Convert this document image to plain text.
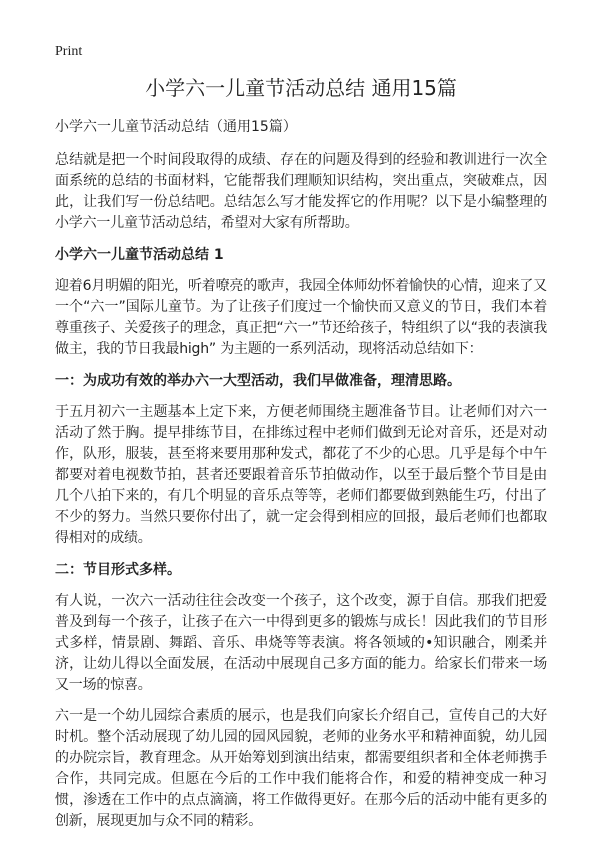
Print
小学六一儿童节活动总结 通用15篇
小学六一儿童节活动总结（通用15篇）

总结就是把一个时间段取得的成绩、存在的问题及得到的经验和教训进行一次全面系统的总结的书面材料，它能帮我们理顺知识结构，突出重点，突破难点，因此，让我们写一份总结吧。总结怎么写才能发挥它的作用呢？以下是小编整理的小学六一儿童节活动总结，希望对大家有所帮助。

小学六一儿童节活动总结 1

迎着6月明媚的阳光，听着嘹亮的歌声，我园全体师幼怀着愉快的心情，迎来了又一个“六一”国际儿童节。为了让孩子们度过一个愉快而又意义的节日，我们本着尊重孩子、关爱孩子的理念，真正把“六一”节还给孩子，特组织了以“我的表演我做主，我的节日我最high” 为主题的一系列活动，现将活动总结如下：

一：为成功有效的举办六一大型活动，我们早做准备，理清思路。

于五月初六一主题基本上定下来，方便老师围绕主题准备节目。让老师们对六一活动了然于胸。提早排练节目，在排练过程中老师们做到无论对音乐，还是对动作，队形，服装，甚至将来要用那种发式，都花了不少的心思。几乎是每个中午都要对着电视数节拍，甚者还要跟着音乐节拍做动作，以至于最后整个节目是由几个八拍下来的，有几个明显的音乐点等等，老师们都要做到熟能生巧，付出了不少的努力。当然只要你付出了，就一定会得到相应的回报，最后老师们也都取得相对的成绩。

二：节目形式多样。

有人说，一次六一活动往往会改变一个孩子，这个改变，源于自信。那我们把爱普及到每一个孩子，让孩子在六一中得到更多的锻炼与成长！因此我们的节目形式多样，情景剧、舞蹈、音乐、串烧等等表演。将各领域的•知识融合，刚柔并济，让幼儿得以全面发展，在活动中展现自己多方面的能力。给家长们带来一场又一场的惊喜。

六一是一个幼儿园综合素质的展示，也是我们向家长介绍自己，宣传自己的大好时机。整个活动展现了幼儿园的园风园貌，老师的业务水平和精神面貌，幼儿园的办院宗旨，教育理念。从开始筹划到演出结束，都需要组织者和全体老师携手合作，共同完成。但愿在今后的工作中我们能将合作，和爱的精神变成一种习惯，渗透在工作中的点点滴滴，将工作做得更好。在那今后的活动中能有更多的创新，展现更加与众不同的精彩。
